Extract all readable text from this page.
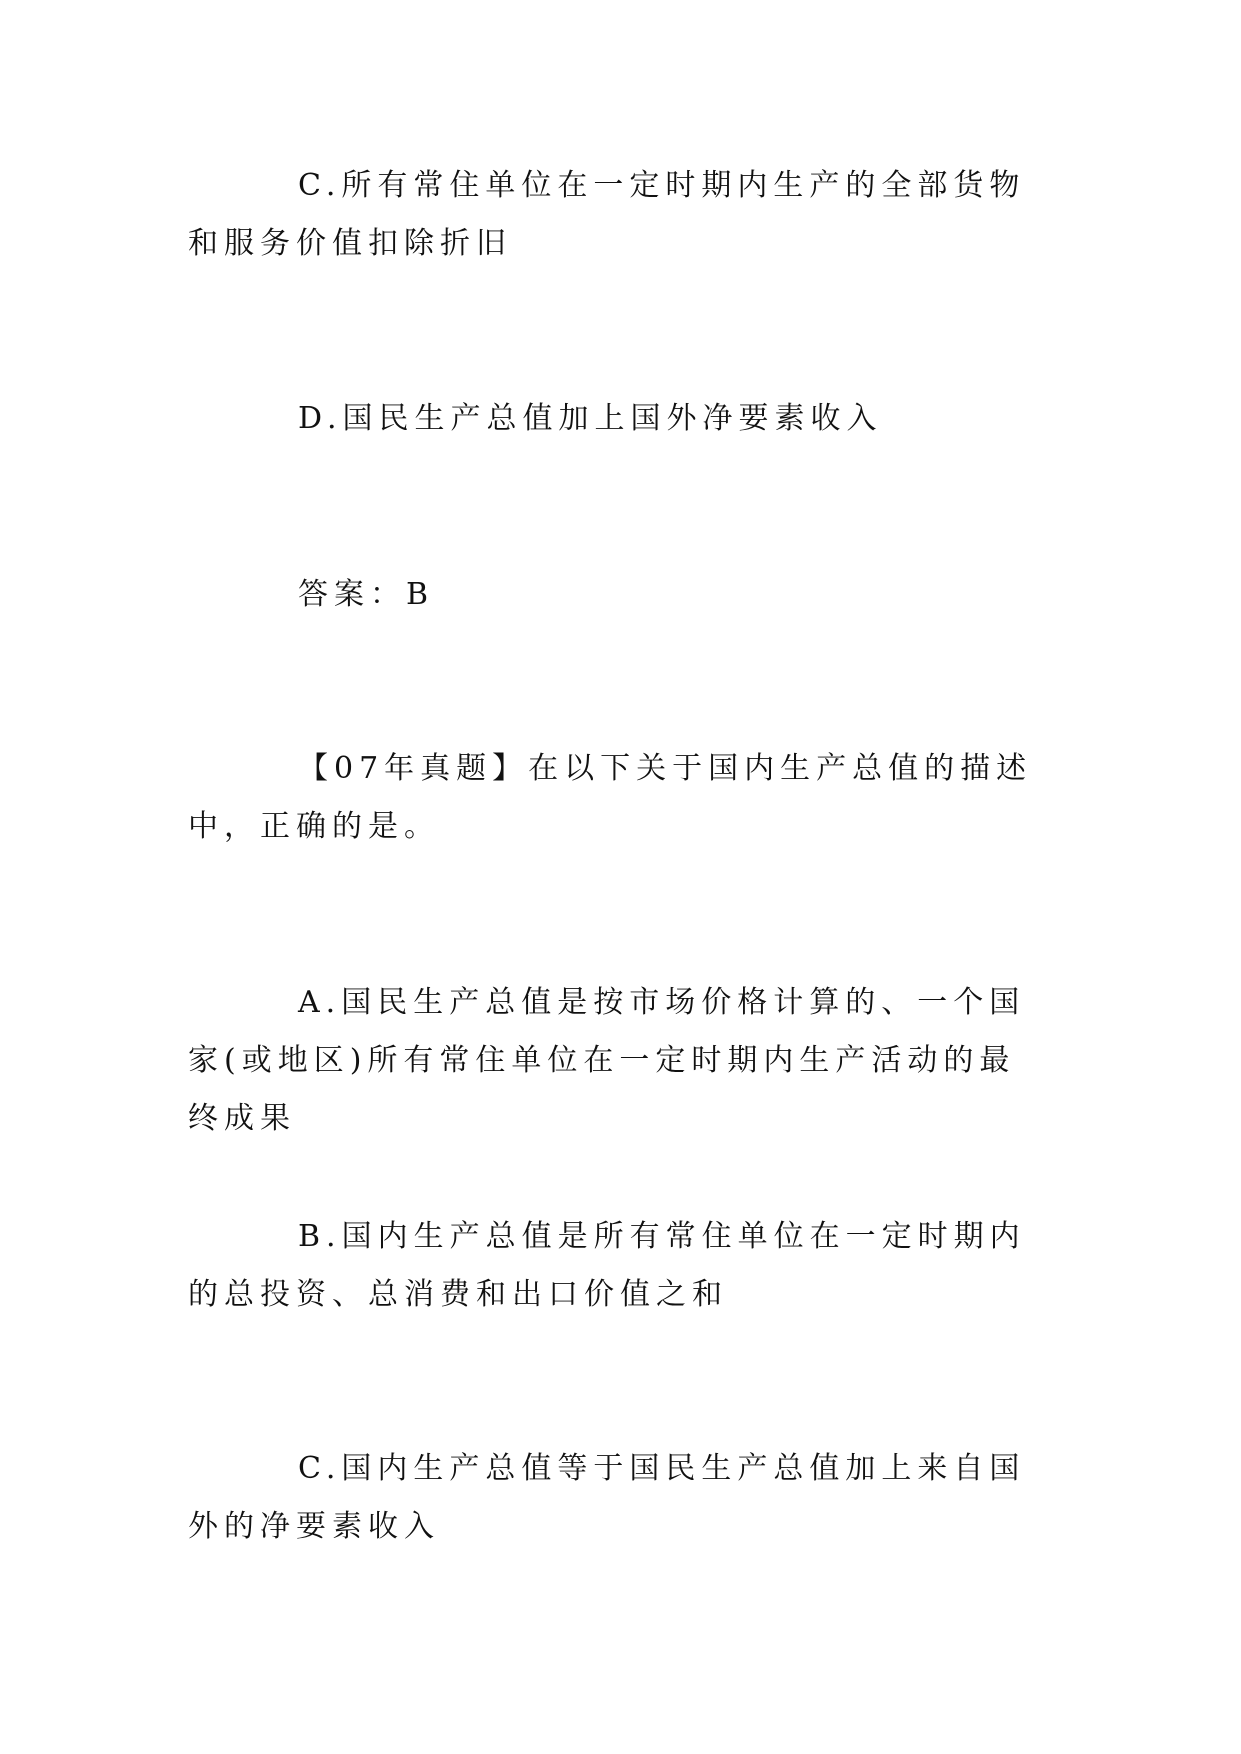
C.所有常住单位在一定时期内生产的全部货物和服务价值扣除折旧

D.国民生产总值加上国外净要素收入

答案：B

【07年真题】在以下关于国内生产总值的描述中，正确的是。

A.国民生产总值是按市场价格计算的、一个国家(或地区)所有常住单位在一定时期内生产活动的最终成果

B.国内生产总值是所有常住单位在一定时期内的总投资、总消费和出口价值之和

C.国内生产总值等于国民生产总值加上来自国外的净要素收入
